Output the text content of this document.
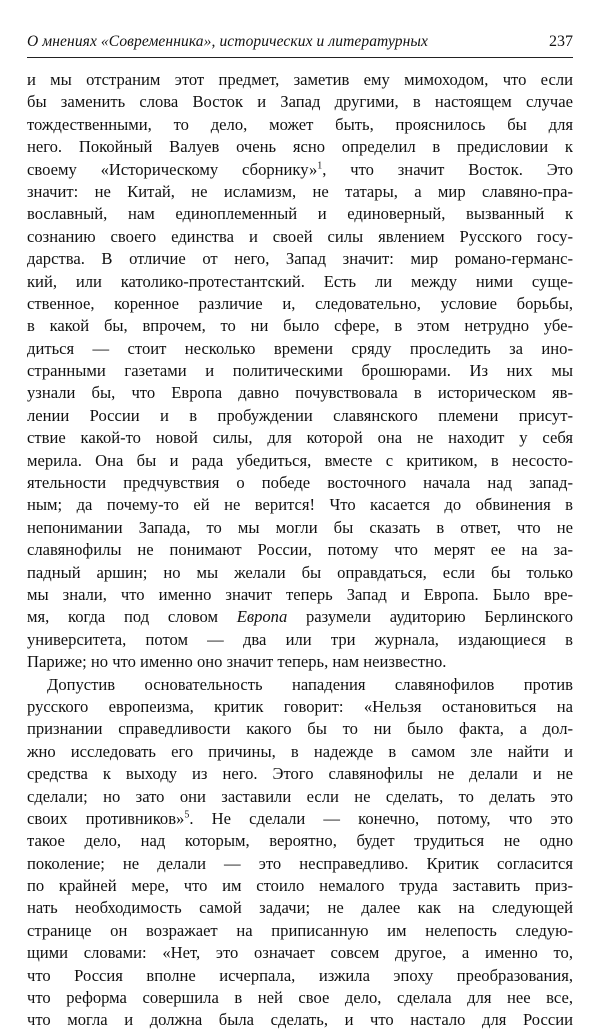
О мнениях «Современника», исторических и литературных	237
и мы отстраним этот предмет, заметив ему мимоходом, что если
бы заменить слова Восток и Запад другими, в настоящем случае
тождественными, то дело, может быть, прояснилось бы для
него. Покойный Валуев очень ясно определил в предисловии к
своему «Историческому сборнику»$^1$, что значит Восток. Это
значит: не Китай, не исламизм, не татары, а мир славяно-пра-
вославный, нам единоплеменный и единоверный, вызванный к
сознанию своего единства и своей силы явлением Русского госу-
дарства. В отличие от него, Запад значит: мир романо-германс-
кий, или католико-протестантский. Есть ли между ними суще-
ственное, коренное различие и, следовательно, условие борьбы,
в какой бы, впрочем, то ни было сфере, в этом нетрудно убе-
диться — стоит несколько времени сряду проследить за ино-
странными газетами и политическими брошюрами. Из них мы
узнали бы, что Европа давно почувствовала в историческом яв-
лении России и в пробуждении славянского племени присут-
ствие какой-то новой силы, для которой она не находит у себя
мерила. Она бы и рада убедиться, вместе с критиком, в несосто-
ятельности предчувствия о победе восточного начала над запад-
ным; да почему-то ей не верится! Что касается до обвинения в
непонимании Запада, то мы могли бы сказать в ответ, что не
славянофилы не понимают России, потому что мерят ее на за-
падный аршин; но мы желали бы оправдаться, если бы только
мы знали, что именно значит теперь Запад и Европа. Было вре-
мя, когда под словом Европа разумели аудиторию Берлинского
университета, потом — два или три журнала, издающиеся в
Париже; но что именно оно значит теперь, нам неизвестно.
Допустив основательность нападения славянофилов против
русского европеизма, критик говорит: «Нельзя остановиться на
признании справедливости какого бы то ни было факта, а дол-
жно исследовать его причины, в надежде в самом зле найти и
средства к выходу из него. Этого славянофилы не делали и не
сделали; но зато они заставили если не сделать, то делать это
своих противников»$^5$. Не сделали — конечно, потому, что это
такое дело, над которым, вероятно, будет трудиться не одно
поколение; не делали — это несправедливо. Критик согласится
по крайней мере, что им стоило немалого труда заставить приз-
нать необходимость самой задачи; не далее как на следующей
странице он возражает на приписанную им нелепость следую-
щими словами: «Нет, это означает совсем другое, а именно то,
что Россия вполне исчерпала, изжила эпоху преобразования,
что реформа совершила в ней свое дело, сделала для нее все,
что могла и должна была сделать, и что настало для России
